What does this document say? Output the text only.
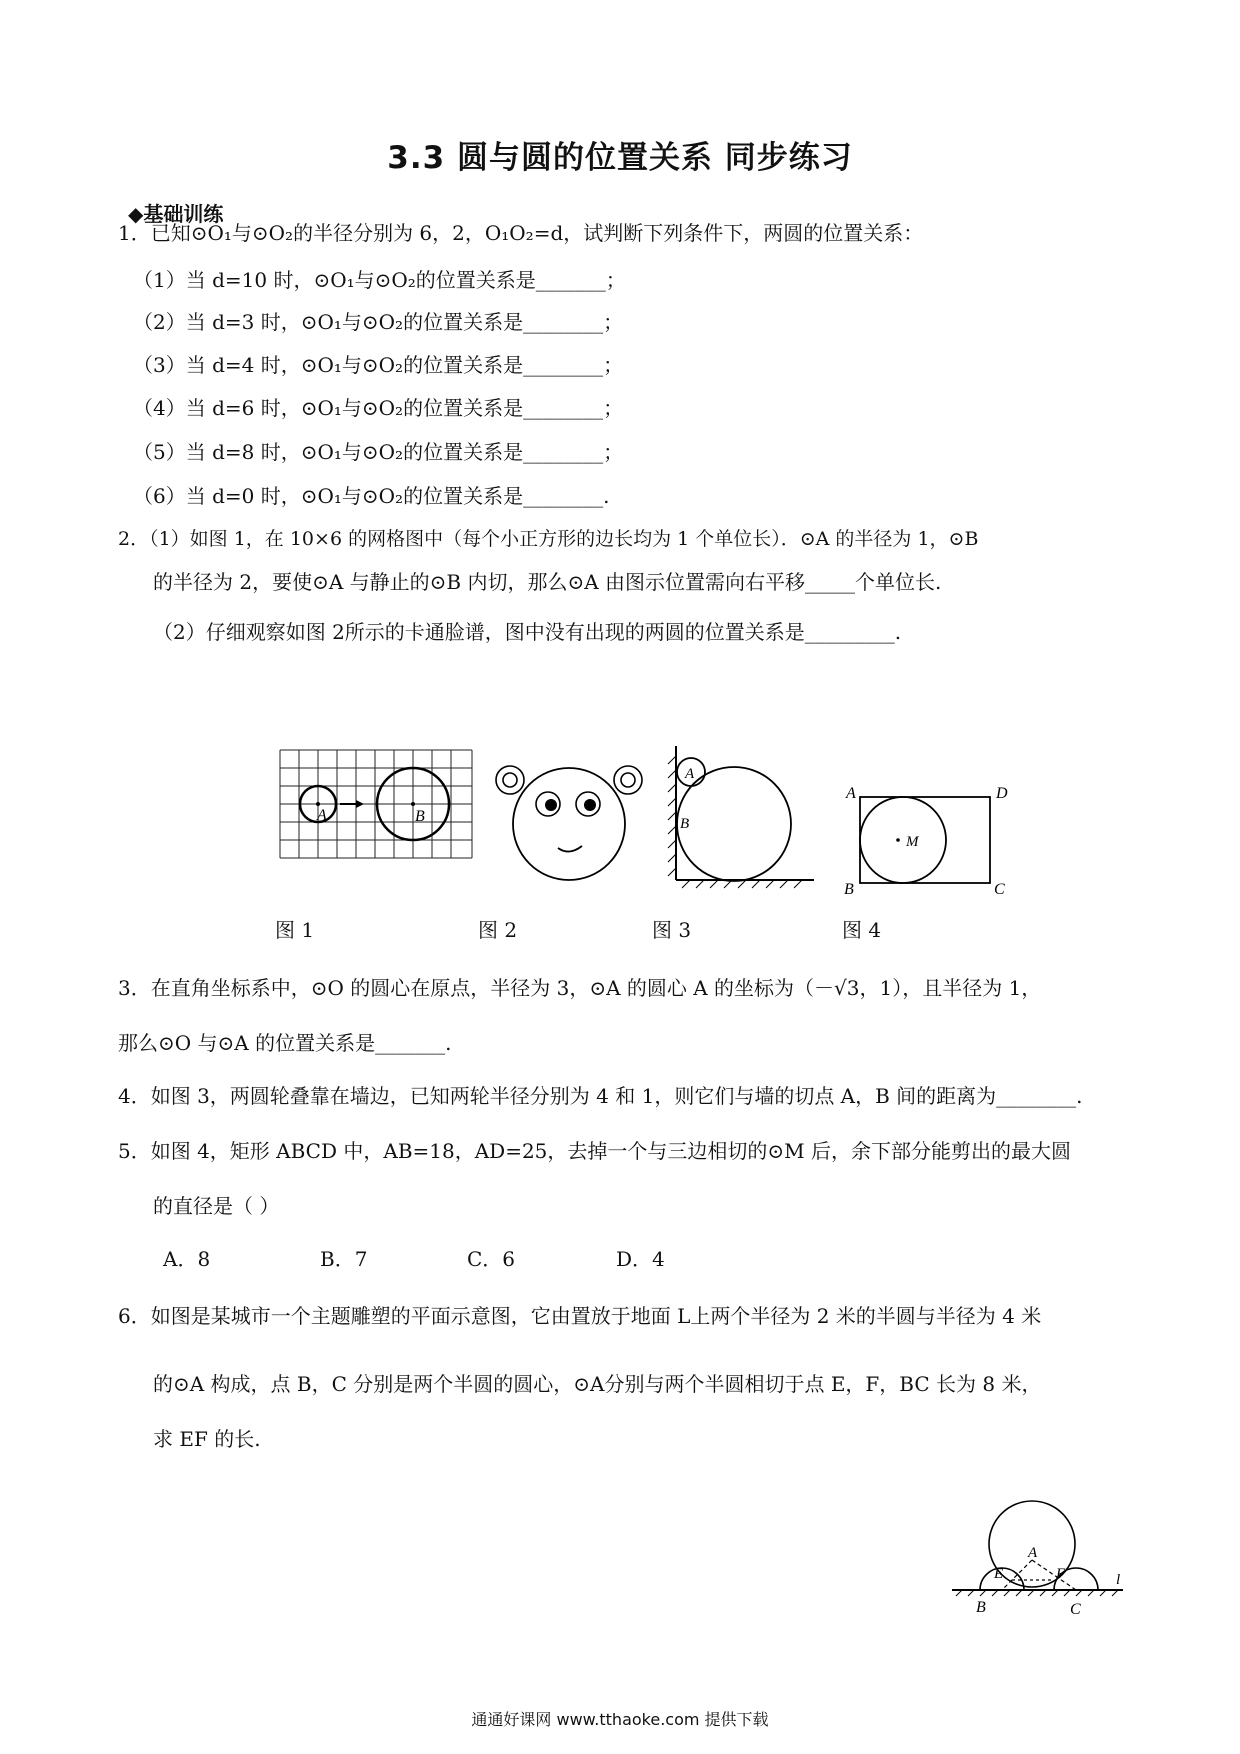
3.3 圆与圆的位置关系 同步练习
◆基础训练
1．已知⊙O₁与⊙O₂的半径分别为 6，2，O₁O₂=d，试判断下列条件下，两圆的位置关系：
（1）当 d=10 时，⊙O₁与⊙O₂的位置关系是_______；
（2）当 d=3 时，⊙O₁与⊙O₂的位置关系是________；
（3）当 d=4 时，⊙O₁与⊙O₂的位置关系是________；
（4）当 d=6 时，⊙O₁与⊙O₂的位置关系是________；
（5）当 d=8 时，⊙O₁与⊙O₂的位置关系是________；
（6）当 d=0 时，⊙O₁与⊙O₂的位置关系是________.
2．（1）如图 1，在 10×6 的网格图中（每个小正方形的边长均为 1 个单位长）．⊙A 的半径为 1，⊙B
的半径为 2，要使⊙A 与静止的⊙B 内切，那么⊙A 由图示位置需向右平移_____个单位长.
（2）仔细观察如图 2所示的卡通脸谱，图中没有出现的两圆的位置关系是_________.
A	B
A
B
A	D
M
B	C
图 1	图 2	图 3	图 4
3．在直角坐标系中，⊙O 的圆心在原点，半径为 3，⊙A 的圆心 A 的坐标为（－√3，1），且半径为 1，
那么⊙O 与⊙A 的位置关系是_______.
4．如图 3，两圆轮叠靠在墙边，已知两轮半径分别为 4 和 1，则它们与墙的切点 A，B 间的距离为________.
5．如图 4，矩形 ABCD 中，AB=18，AD=25，去掉一个与三边相切的⊙M 后，余下部分能剪出的最大圆
的直径是（ ）
A．8	B．7	C．6	D．4
6．如图是某城市一个主题雕塑的平面示意图，它由置放于地面 L上两个半径为 2 米的半圆与半径为 4 米
的⊙A 构成，点 B，C 分别是两个半圆的圆心，⊙A分别与两个半圆相切于点 E，F，BC 长为 8 米，
求 EF 的长.
A
E	F	l
B	C
通通好课网 www.tthaoke.com 提供下载
